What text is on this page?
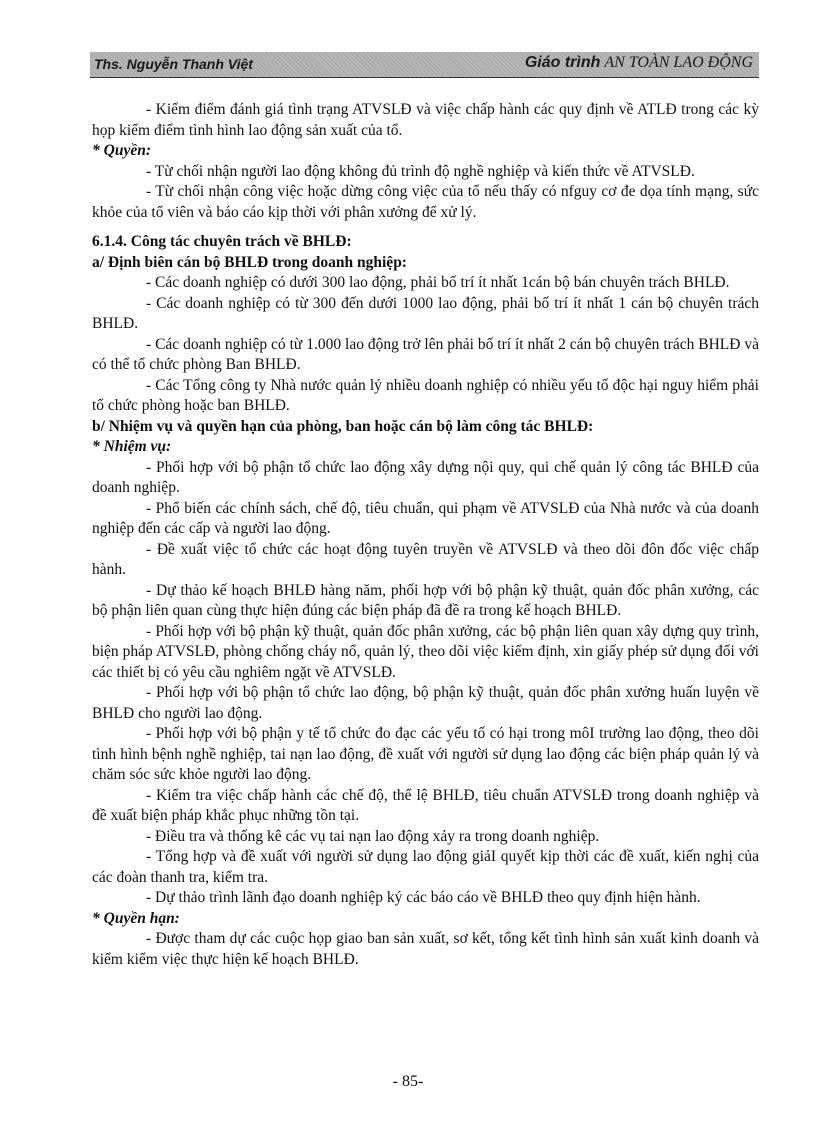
Ths. Nguyễn Thanh Việt	Giáo trình AN TOÀN LAO ĐỘNG

- Kiểm điểm đánh giá tình trạng ATVSLĐ và việc chấp hành các quy định về ATLĐ trong các kỳ họp kiểm điểm tình hình lao động sản xuất của tổ.

* Quyền:

- Từ chối nhận người lao động không đủ trình độ nghề nghiệp và kiến thức về ATVSLĐ.

- Từ chối nhận công việc hoặc dừng công việc của tổ nếu thấy có nfguy cơ đe dọa tính mạng, sức khỏe của tổ viên và báo cáo kịp thời với phân xưởng để xử lý.

6.1.4. Công tác chuyên trách về BHLĐ:

a/ Định biên cán bộ BHLĐ trong doanh nghiệp:

- Các doanh nghiệp có dưới 300 lao động, phải bố trí ít nhất 1cán bộ bán chuyên trách BHLĐ.

- Các doanh nghiệp có từ 300 đến dưới 1000 lao động, phải bố trí ít nhất 1 cán bộ chuyên trách BHLĐ.

- Các doanh nghiệp có từ 1.000 lao động trở lên phải bố trí ít nhất 2 cán bộ chuyên trách BHLĐ và có thể tổ chức phòng Ban BHLĐ.

- Các Tổng công ty Nhà nước quản lý nhiều doanh nghiệp có nhiều yếu tố độc hại nguy hiểm phải tổ chức phòng hoặc ban BHLĐ.

b/ Nhiệm vụ và quyền hạn của phòng, ban hoặc cán bộ làm công tác BHLĐ:

* Nhiệm vụ:

- Phối hợp với bộ phận tổ chức lao động xây dựng nội quy, qui chế quản lý công tác BHLĐ của doanh nghiệp.

- Phổ biến các chính sách, chế độ, tiêu chuẩn, qui phạm về ATVSLĐ của Nhà nước và của doanh nghiệp đến các cấp và người lao động.

- Đề xuất việc tổ chức các hoạt động tuyên truyền về ATVSLĐ và theo dõi đôn đốc việc chấp hành.

- Dự thảo kế hoạch BHLĐ hàng năm, phối hợp với bộ phận kỹ thuật, quản đốc phân xưởng, các bộ phận liên quan cùng thực hiện đúng các biện pháp đã đề ra trong kế hoạch BHLĐ.

- Phối hợp với bộ phận kỹ thuật, quản đốc phân xưởng, các bộ phận liên quan xây dựng quy trình, biện pháp ATVSLĐ, phòng chống cháy nổ, quản lý, theo dõi việc kiểm định, xin giấy phép sử dụng đối với các thiết bị có yêu cầu nghiêm ngặt về ATVSLĐ.

- Phối hợp với bộ phận tổ chức lao động, bộ phận kỹ thuật, quản đốc phân xưởng huấn luyện về BHLĐ cho người lao động.

- Phối hợp với bộ phận y tế tổ chức đo đạc các yếu tố có hại trong môI trường lao động, theo dõi tình hình bệnh nghề nghiệp, tai nạn lao động, đề xuất với người sử dụng lao động các biện pháp quản lý và chăm sóc sức khỏe người lao động.

- Kiểm tra việc chấp hành các chế độ, thể lệ BHLĐ, tiêu chuẩn ATVSLĐ trong doanh nghiệp và đề xuất biện pháp khắc phục những tồn tại.

- Điều tra và thống kê các vụ tai nạn lao động xảy ra trong doanh nghiệp.

- Tổng hợp và đề xuất với người sử dụng lao động giảI quyết kịp thời các đề xuất, kiến nghị của các đoàn thanh tra, kiểm tra.

- Dự thảo trình lãnh đạo doanh nghiệp ký các báo cáo về BHLĐ theo quy định hiện hành.

* Quyền hạn:

- Được tham dự các cuộc họp giao ban sản xuất, sơ kết, tổng kết tình hình sản xuất kinh doanh và kiểm kiểm việc thực hiện kế hoạch BHLĐ.

- 85-
